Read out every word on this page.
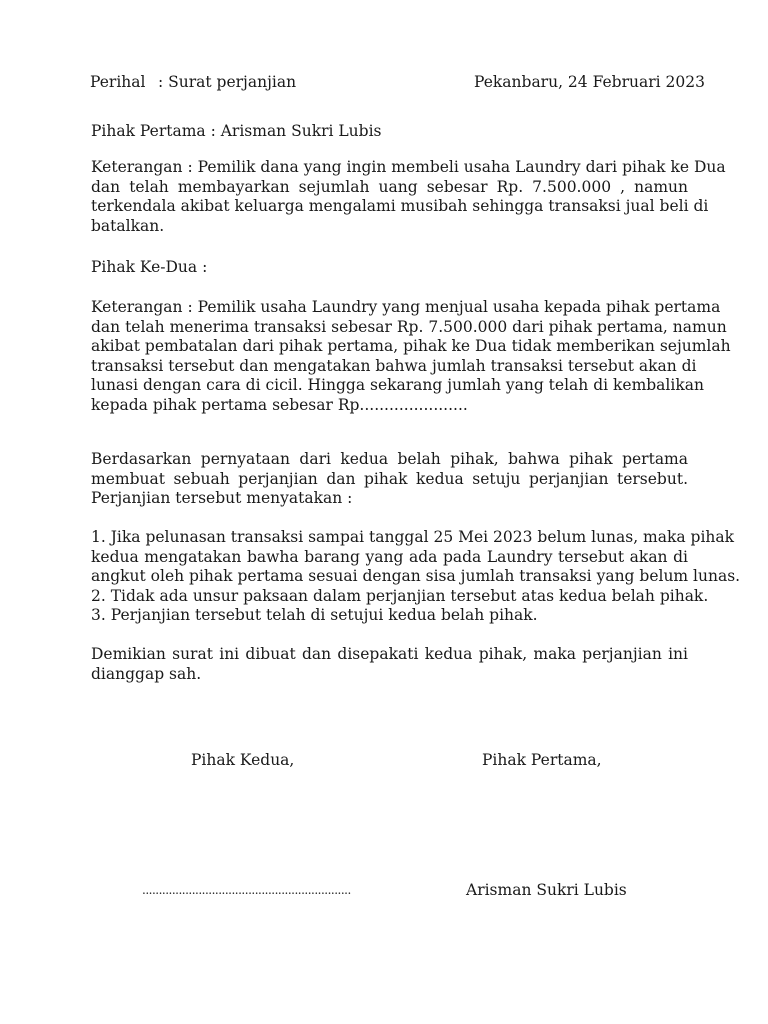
Perihal : Surat perjanjian	Pekanbaru, 24 Februari 2023
Pihak Pertama : Arisman Sukri Lubis
Keterangan : Pemilik dana yang ingin membeli usaha Laundry dari pihak ke Dua
dan telah membayarkan sejumlah uang sebesar Rp. 7.500.000 , namun
terkendala akibat keluarga mengalami musibah sehingga transaksi jual beli di
batalkan.
Pihak Ke-Dua :
Keterangan : Pemilik usaha Laundry yang menjual usaha kepada pihak pertama
dan telah menerima transaksi sebesar Rp. 7.500.000 dari pihak pertama, namun
akibat pembatalan dari pihak pertama, pihak ke Dua tidak memberikan sejumlah
transaksi tersebut dan mengatakan bahwa jumlah transaksi tersebut akan di
lunasi dengan cara di cicil. Hingga sekarang jumlah yang telah di kembalikan
kepada pihak pertama sebesar Rp......................
Berdasarkan pernyataan dari kedua belah pihak, bahwa pihak pertama
membuat sebuah perjanjian dan pihak kedua setuju perjanjian tersebut.
Perjanjian tersebut menyatakan :
1. Jika pelunasan transaksi sampai tanggal 25 Mei 2023 belum lunas, maka pihak
kedua mengatakan bawha barang yang ada pada Laundry tersebut akan di
angkut oleh pihak pertama sesuai dengan sisa jumlah transaksi yang belum lunas.
2. Tidak ada unsur paksaan dalam perjanjian tersebut atas kedua belah pihak.
3. Perjanjian tersebut telah di setujui kedua belah pihak.
Demikian surat ini dibuat dan disepakati kedua pihak, maka perjanjian ini
dianggap sah.
Pihak Kedua,	Pihak Pertama,
...............................................................	Arisman Sukri Lubis
